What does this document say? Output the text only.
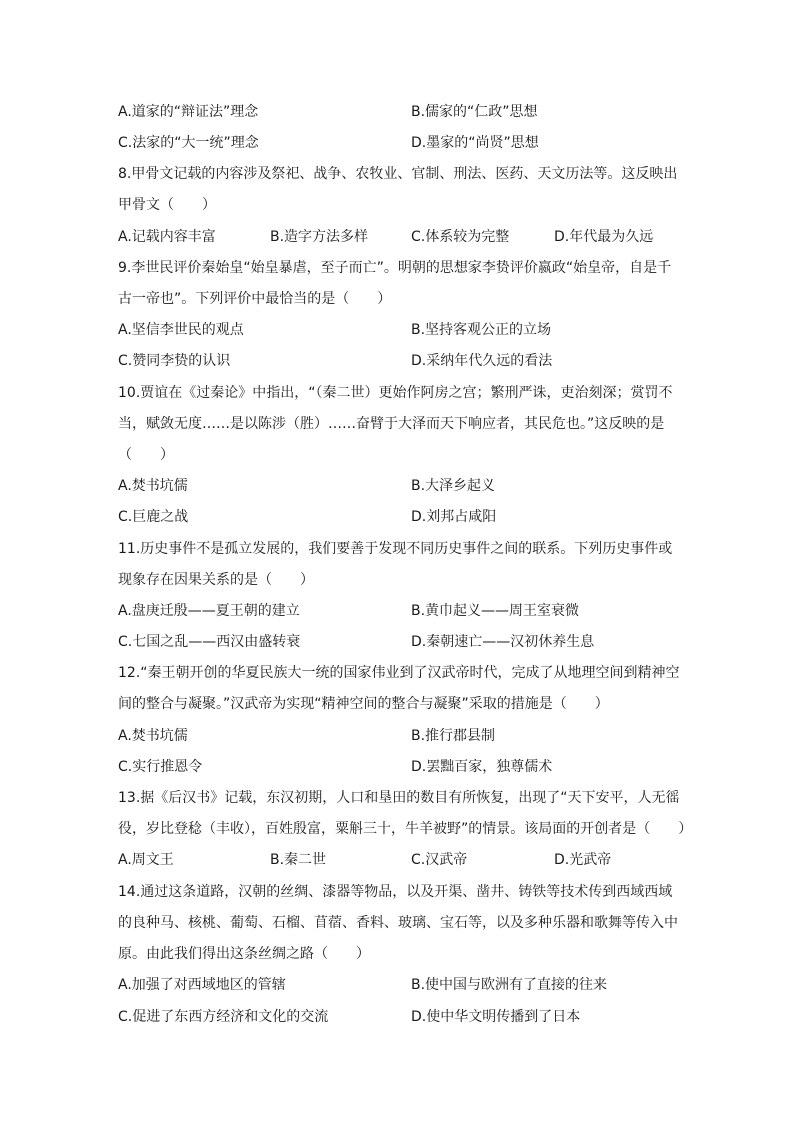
A.道家的“辩证法”理念	B.儒家的“仁政”思想
C.法家的“大一统”理念	D.墨家的“尚贤”思想
8.甲骨文记载的内容涉及祭祀、战争、农牧业、官制、刑法、医药、天文历法等。这反映出
甲骨文（　　）
A.记载内容丰富	B.造字方法多样	C.体系较为完整	D.年代最为久远
9.李世民评价秦始皇“始皇暴虐，至子而亡”。明朝的思想家李贽评价嬴政“始皇帝，自是千
古一帝也”。下列评价中最恰当的是（　　）
A.坚信李世民的观点	B.坚持客观公正的立场
C.赞同李贽的认识	D.采纳年代久远的看法
10.贾谊在《过秦论》中指出，“（秦二世）更始作阿房之宫；繁刑严诛，吏治刻深；赏罚不
当，赋敛无度……是以陈涉（胜）……奋臂于大泽而天下响应者，其民危也。”这反映的是
（　　）
A.焚书坑儒	B.大泽乡起义
C.巨鹿之战	D.刘邦占咸阳
11.历史事件不是孤立发展的，我们要善于发现不同历史事件之间的联系。下列历史事件或
现象存在因果关系的是（　　）
A.盘庚迁殷——夏王朝的建立	B.黄巾起义——周王室衰微
C.七国之乱——西汉由盛转衰	D.秦朝速亡——汉初休养生息
12.“秦王朝开创的华夏民族大一统的国家伟业到了汉武帝时代，完成了从地理空间到精神空
间的整合与凝聚。”汉武帝为实现“精神空间的整合与凝聚”采取的措施是（　　）
A.焚书坑儒	B.推行郡县制
C.实行推恩令	D.罢黜百家，独尊儒术
13.据《后汉书》记载，东汉初期，人口和垦田的数目有所恢复，出现了“天下安平，人无徭
役，岁比登稔（丰收），百姓殷富，粟斛三十，牛羊被野”的情景。该局面的开创者是（　　）
A.周文王	B.秦二世	C.汉武帝	D.光武帝
14.通过这条道路，汉朝的丝绸、漆器等物品，以及开渠、凿井、铸铁等技术传到西域西域
的良种马、核桃、葡萄、石榴、苜蓿、香料、玻璃、宝石等，以及多种乐器和歌舞等传入中
原。由此我们得出这条丝绸之路（　　）
A.加强了对西域地区的管辖	B.使中国与欧洲有了直接的往来
C.促进了东西方经济和文化的交流	D.使中华文明传播到了日本
